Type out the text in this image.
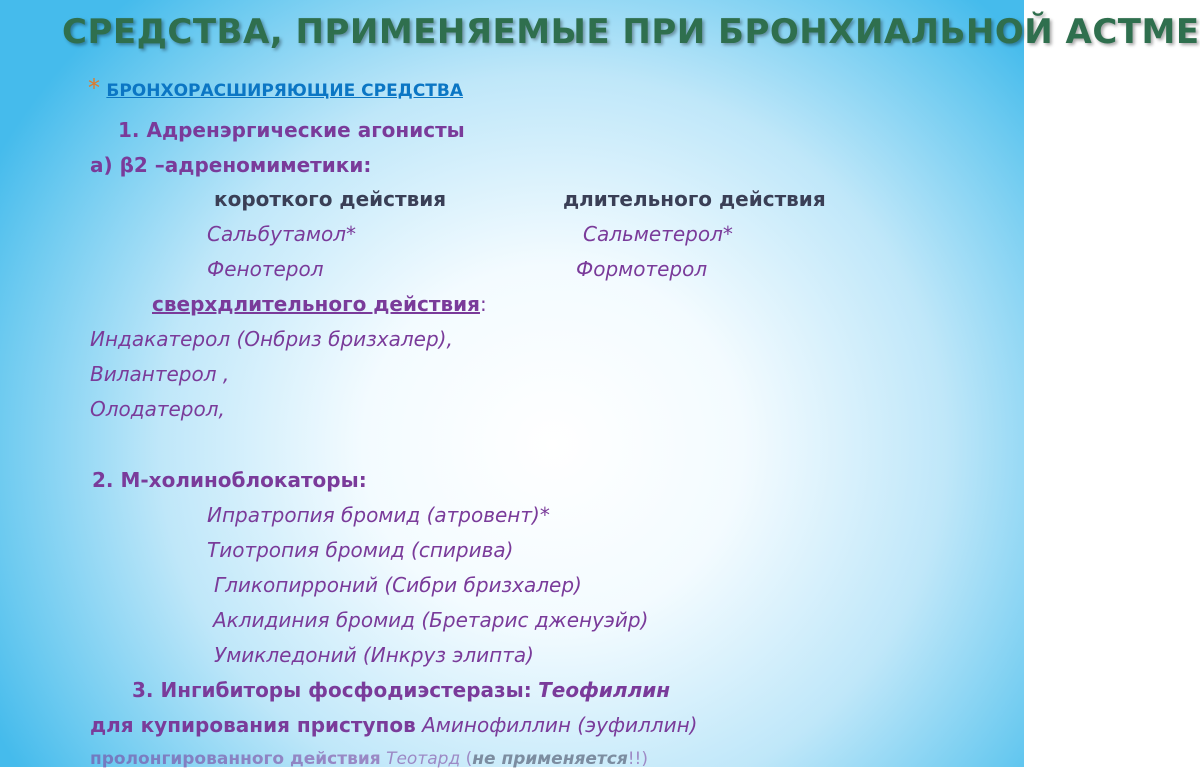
СРЕДСТВА, ПРИМЕНЯЕМЫЕ ПРИ БРОНХИАЛЬНОЙ АСТМЕ
* БРОНХОРАСШИРЯЮЩИЕ СРЕДСТВА
1. Адренэргические агонисты
а) β2 –адреномиметики:
короткого действия	длительного действия
Сальбутамол*	Сальметерол*
Фенотерол	Формотерол
сверхдлительного действия:
Индакатерол (Онбриз бризхалер),
Вилантерол ,
Олодатерол,
2. М-холиноблокаторы:
Ипратропия бромид (атровент)*
Тиотропия бромид (спирива)
Гликопирроний (Сибри бризхалер)
Аклидиния бромид (Бретарис дженуэйр)
Умикледоний (Инкруз элипта)
3. Ингибиторы фосфодиэстеразы: Теофиллин
для купирования приступов Аминофиллин (эуфиллин)
пролонгированного действия Теотард (не применяется!!)
